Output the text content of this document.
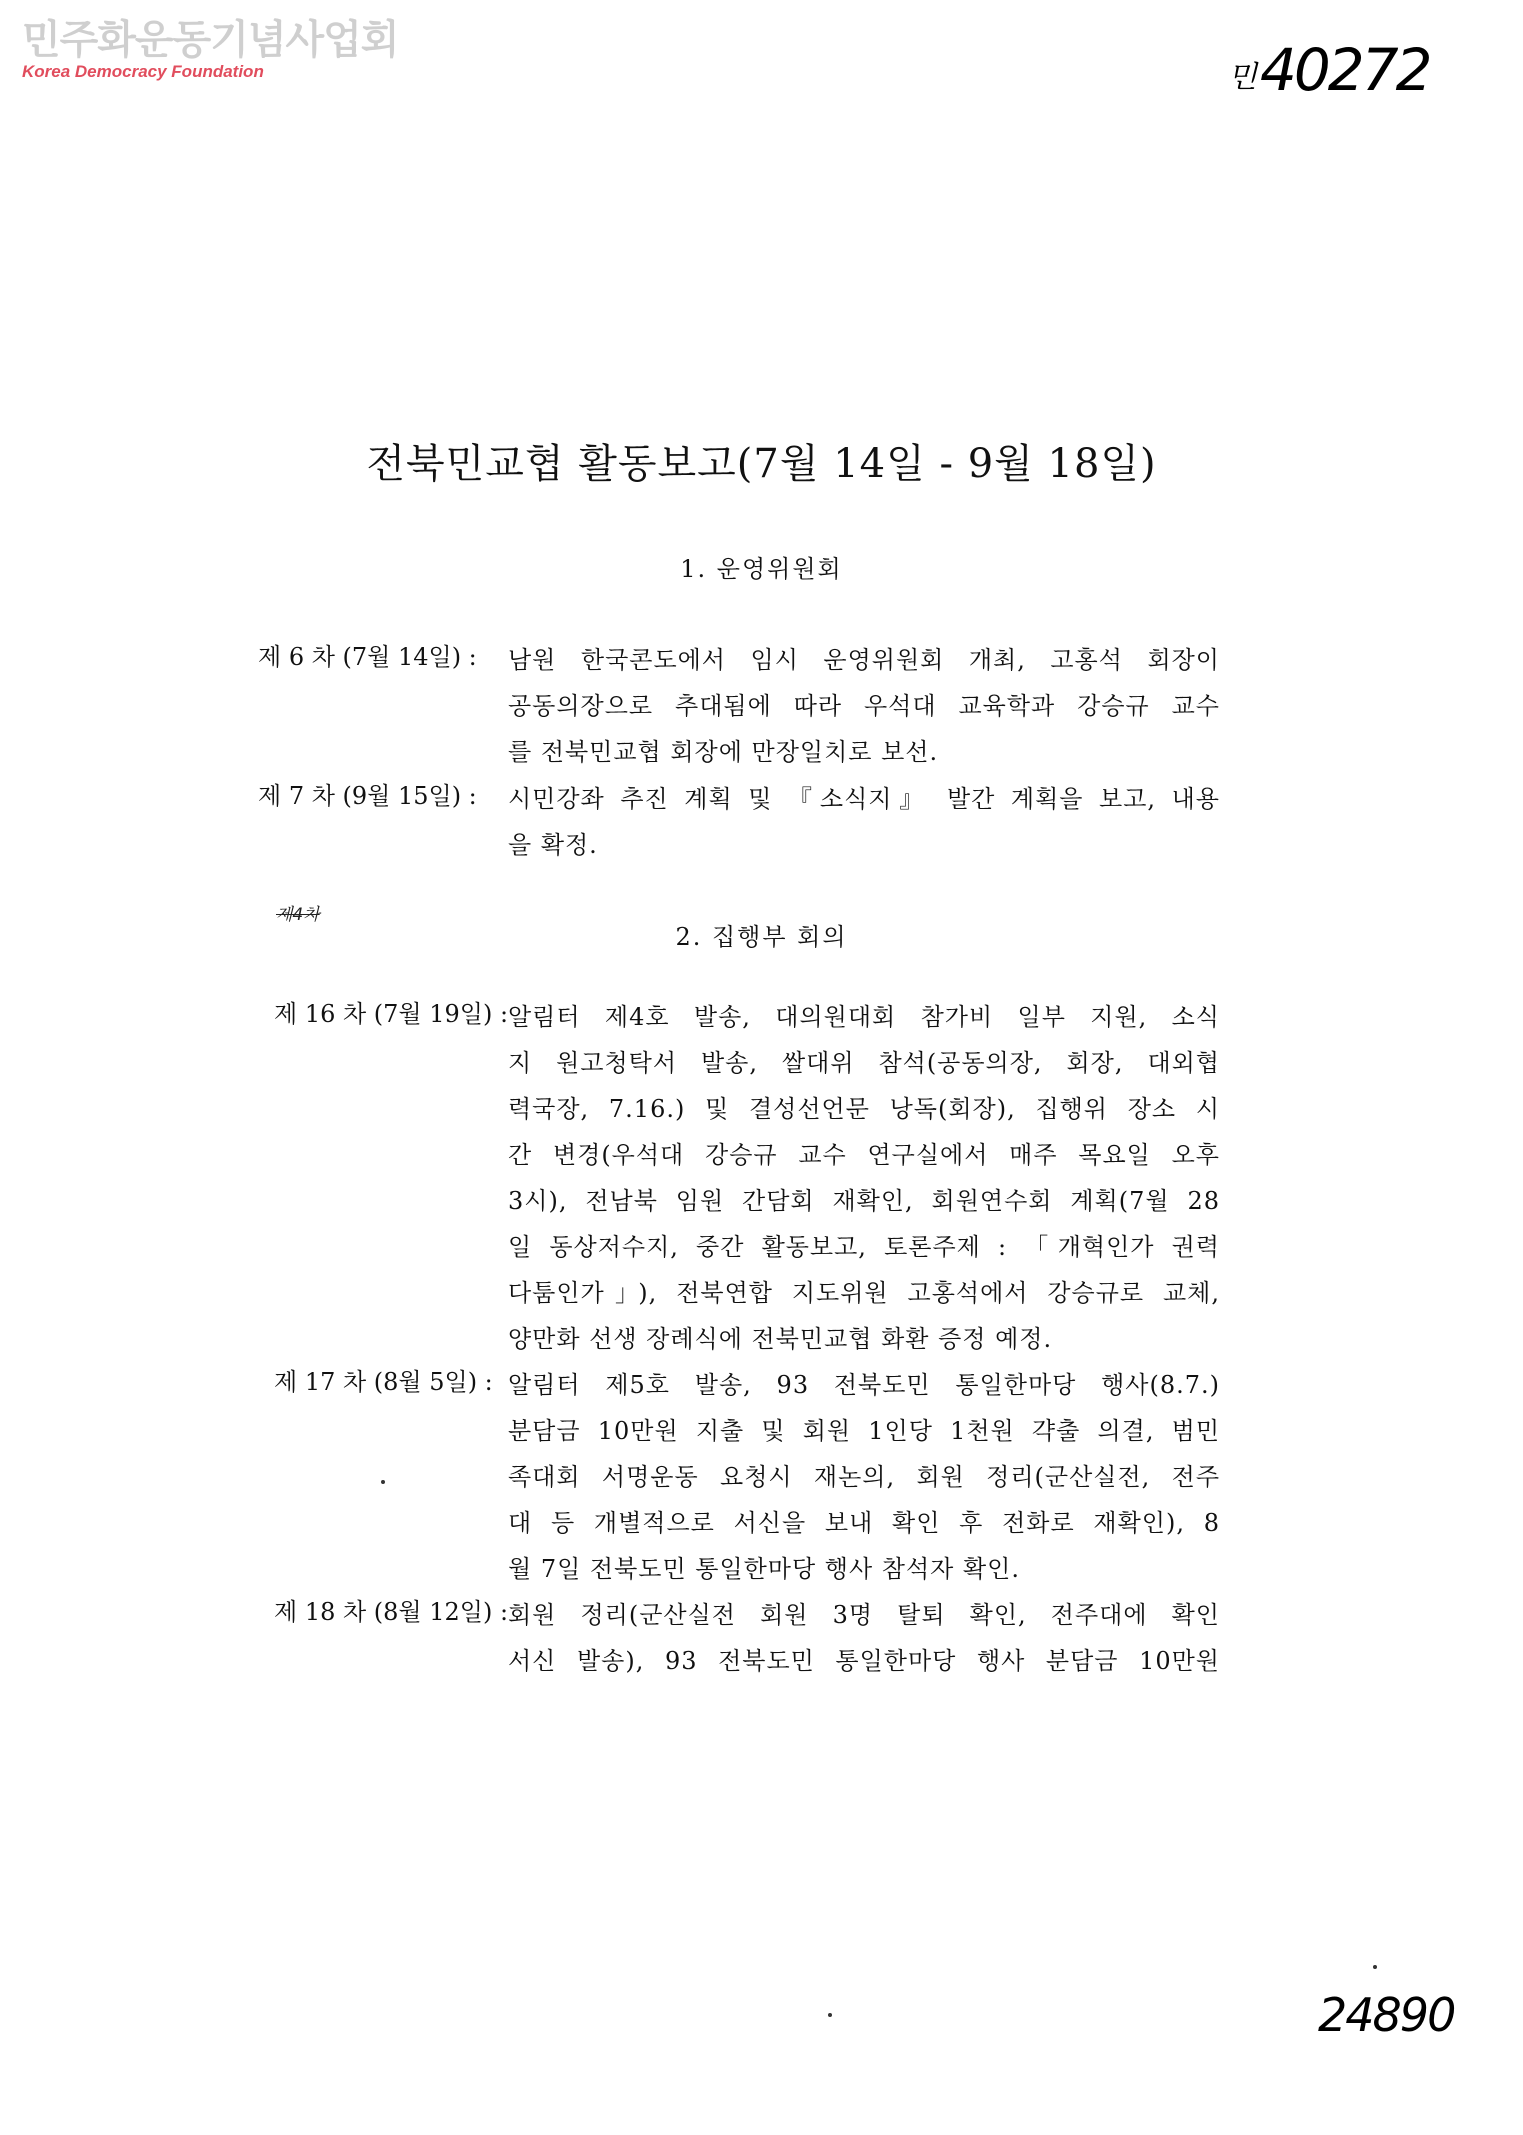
민주화운동기념사업회
Korea Democracy Foundation	민 40272
전북민교협 활동보고(7월 14일 - 9월 18일)
1. 운영위원회
제 6 차 (7월 14일) : 남원 한국콘도에서 임시 운영위원회 개최, 고홍석 회장이
공동의장으로 추대됨에 따라 우석대 교육학과 강승규 교수
를 전북민교협 회장에 만장일치로 보선.
제 7 차 (9월 15일) : 시민강좌 추진 계획 및 『소식지』 발간 계획을 보고, 내용
을 확정.
제4차
2. 집행부 회의
제 16 차 (7월 19일) : 알림터 제4호 발송, 대의원대회 참가비 일부 지원, 소식
지 원고청탁서 발송, 쌀대위 참석(공동의장, 회장, 대외협
력국장, 7.16.) 및 결성선언문 낭독(회장), 집행위 장소 시
간 변경(우석대 강승규 교수 연구실에서 매주 목요일 오후
3시), 전남북 임원 간담회 재확인, 회원연수회 계획(7월 28
일 동상저수지, 중간 활동보고, 토론주제 : 「개혁인가 권력
다툼인가」), 전북연합 지도위원 고홍석에서 강승규로 교체,
양만화 선생 장례식에 전북민교협 화환 증정 예정.
제 17 차 (8월 5일) : 알림터 제5호 발송, 93 전북도민 통일한마당 행사(8.7.)
분담금 10만원 지출 및 회원 1인당 1천원 갹출 의결, 범민
족대회 서명운동 요청시 재논의, 회원 정리(군산실전, 전주
대 등 개별적으로 서신을 보내 확인 후 전화로 재확인), 8
월 7일 전북도민 통일한마당 행사 참석자 확인.
제 18 차 (8월 12일) : 회원 정리(군산실전 회원 3명 탈퇴 확인, 전주대에 확인
서신 발송), 93 전북도민 통일한마당 행사 분담금 10만원
24890
